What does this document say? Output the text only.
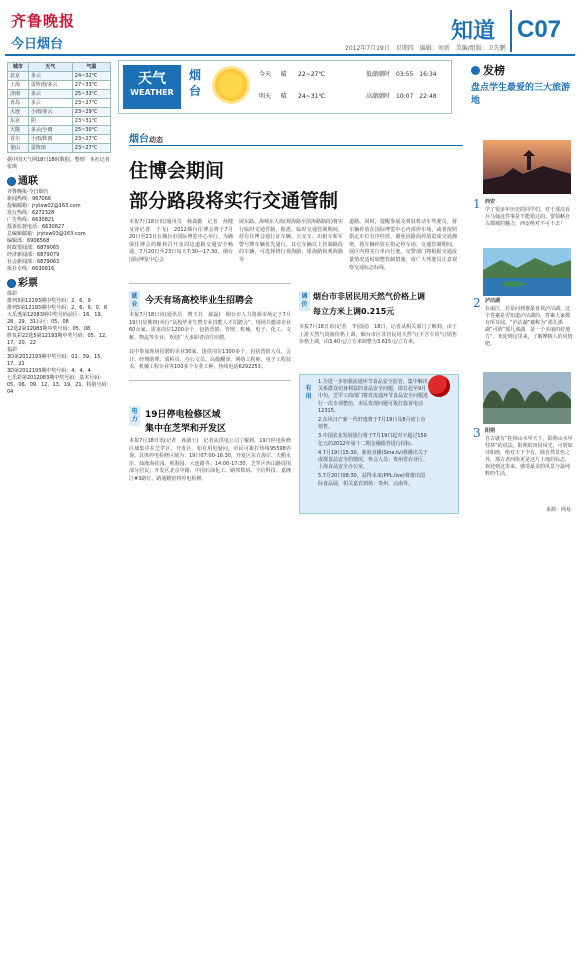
齐鲁晚报
今日烟台	2012年7月19日　星期四　编辑：刘新　美编/组版：卫先鹏
知道 C07
城市	天气	气温
北京	多云	24~32℃
上海	雷阵雨/多云	27~33℃
济南	多云	25~33℃
青岛	多云	23~27℃
大连	小雨/多云	23~29℃
东京	阴	23~31℃
大阪	多云/小雨	25~30℃
首尔	小雨/阵雨	23~27℃
釜山	雷阵雨	23~27℃
据中国天气网18日18时数据。整理　本社记者　张琪
通联
齐鲁晚报·今日烟台
新闻热线：967066
投稿邮箱：jrytxw02@163.com
发行热线：6272328
广告热线：6630821
投诉监督电话：6630827
总编辑邮箱：jrytxw03@163.com
编辑部：6906568
时政要闻部：6879065
经济新闻部：6879079
社会新闻部：6879063
报社专线：6630816
彩票
体彩
排列3第12193期中奖号码：2、6、9
排列5第12193期中奖号码：2、6、9、0、8
大乐透第12083期中奖号码前区：16、19、28、29、31后区：05、08
12选2第12083期中奖号码：05、08
胜负彩22选5第12193期中奖号码：05、12、17、20、22
福彩
3D第2012193期中奖号码：02、39、15、17、21
3D第2012193期中奖号码：4、4、4
七乐彩第2012083期中奖号码：基本号码：05、06、09、12、13、19、21、特别号码：04
天气
WEATHER
烟台
今天 晴 22~27℃
明天 晴 24~31℃
低潮潮时　03:55　16:34
高潮潮时　10:07　22:48
烟台动态
住博会期间
部分路段将实行交通管制
本报7月18日讯(通讯员　杨焱勤　记者　孙健　及萍记者　于飞)　2012烟台住博会将于7月20日至23日在烟台市国际博览中心举行。为确保住博会的顺利召开及周边道路交通安全畅通，7月20日至23日每天7:30—17:30，烟台国际博览中心会
展东路、海城东大街(观海路至滨海路路段)将实行临时交通管制。据悉，临时交通管制期间，持有住博会通行证车辆、公交车、出租车和军警号牌车辆优先通行，其它车辆以上管制路段的车辆，可选择绕行观海路、银海路和观海路等
道路。同时，提醒参展及观展机动车驾驶员，将车辆停放在国际博览中心内部停车场，或者按照指定车位有序停放，避免因路面停放造成交通拥堵，将车辆停放在指定停车场，交通管制期间，展区内将实行单向行驶，交警部门将根据交通流量情况适时调整管制措施，请广大驾驶员注意观察交通标志标线。
就业 今天有场高校毕业生招聘会
本报7月18日讯(通讯员　曹玉苏　郝磊)　烟台市人力资源市场定于7月19日(星期四)举行“高校毕业生暨专业技能人才招聘会”，现场共邀请企业60余家，需求岗位1200余个，包括营销、管理、机械、电子、化工、文秘、物流等专业，欢迎广大求职者前往应聘。
其中参加现场招聘的企业30家，提供岗位1300多个，包括营销人员、会计、经理助理、质检员、办公文员、高级翻译、网络工程师、电子工程技术、机械工程专业等100多个专业工种。热线电话6292253。
电力 19日停电检修区域
集中在芝罘和开发区
本报7月18日讯(记者　孙淑玉)　记者从供电公司了解到，19日停电检修区域集中在芝罘区、开发区。如有用电疑问，市民可拨打热线95598咨询。具体停电检修区域为：19日07:00-16:30，开发区东方海岸、天鹅水岸、仙鹿海花园、观海园、大连路等；14:00-17:30，芝罘区西山路周围部分居民；开发区北京中路、中国石油化工、路邦数码、宇信科技、嘉隆江#3路灯、路通精密将停电检修。
调价
烟台市非居民用天然气价格上调
每立方米上调0.215元
本报7月18日讯(记者　李园园)　18日，记者从相关部门了解到，由于上游天然气资源价格上调，烟台市区非居民用天然气(不含车用气)销售价格上调，由3.40元/立方米调整为3.615元/立方米。
有用
1.为进一步加强流通环节食品安全监管，集中解决关系群众切身利益的食品安全问题，即日起至9月中旬，芝罘工商部门将对流通环节食品安全问题进行一次专项整治，市民发现问题可拨打投诉电话12315。
2.东风日产新一代轩逸将于7月19日及8月初上市销售。
3.中国农业发展银行将于7月19日起对不超过150亿元的2012年第十二期金融债券进行招标。
4.7月19日15:30，新浪直播(Sina.tv)将播出关于成都食品安全的情况，参会人员：贵州省农业厅、上海食品安全办公室。
5.7月20日08:30，益得未来(PPL.live)将推出国际食品展，相关嘉宾到场：贵州、云南等。
发榜
盘点学生最爱的三大旅游地
1 西安
学了很多年历史的同学们，对于那次看兵马俑这件事是不能错过的。要领略自古都城的魅力，西安绝对不可不去！
2 泸沽湖
在丽江，若是问到谁最喜欢泸沽湖，这个答案是否知道泸沽湖的，答案大家都有所耳闻，“泸沽湖”被称为“那儿那湖”可谓“那儿那湖，是一个美丽的好地方”，欢迎到这里来，了解摩梭人的风情吧。
3 阳朔
自古就有“桂林山水甲天下，阳朔山水甲桂林”的说法。阳朔的田园风光，可谓如诗如画，绝对天下少有，除自然景色之外，那古老西街更是这片土地的标志，欢迎到这里来，感受最美的风景与最纯粹的生活。
来源：网易
